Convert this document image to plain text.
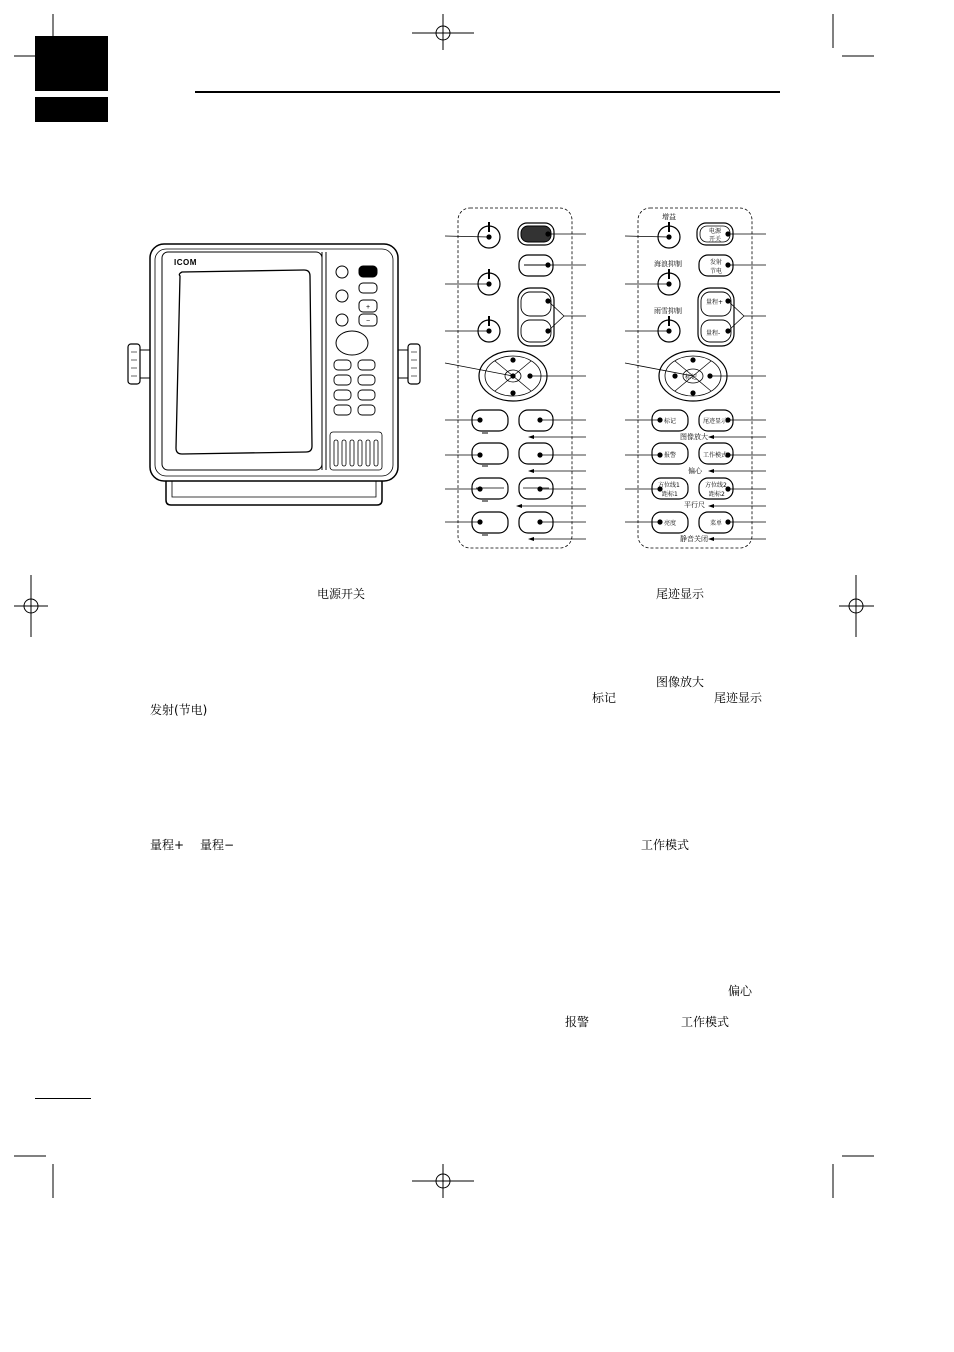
+
−
ICOM
增益
海浪抑制
雨雪抑制
电源
开关
发射
节电
量程+
量程-
标记
标记	尾迹显示
图像放大
报警	工作模式
偏心
方位线1
距标1
方位线2
距标2
平行尺
亮度	菜单
静音关闭
电源开关	尾迹显示
图像放大
标记	尾迹显示
发射(节电)
量程+ 量程−	工作模式
偏心
报警	工作模式
